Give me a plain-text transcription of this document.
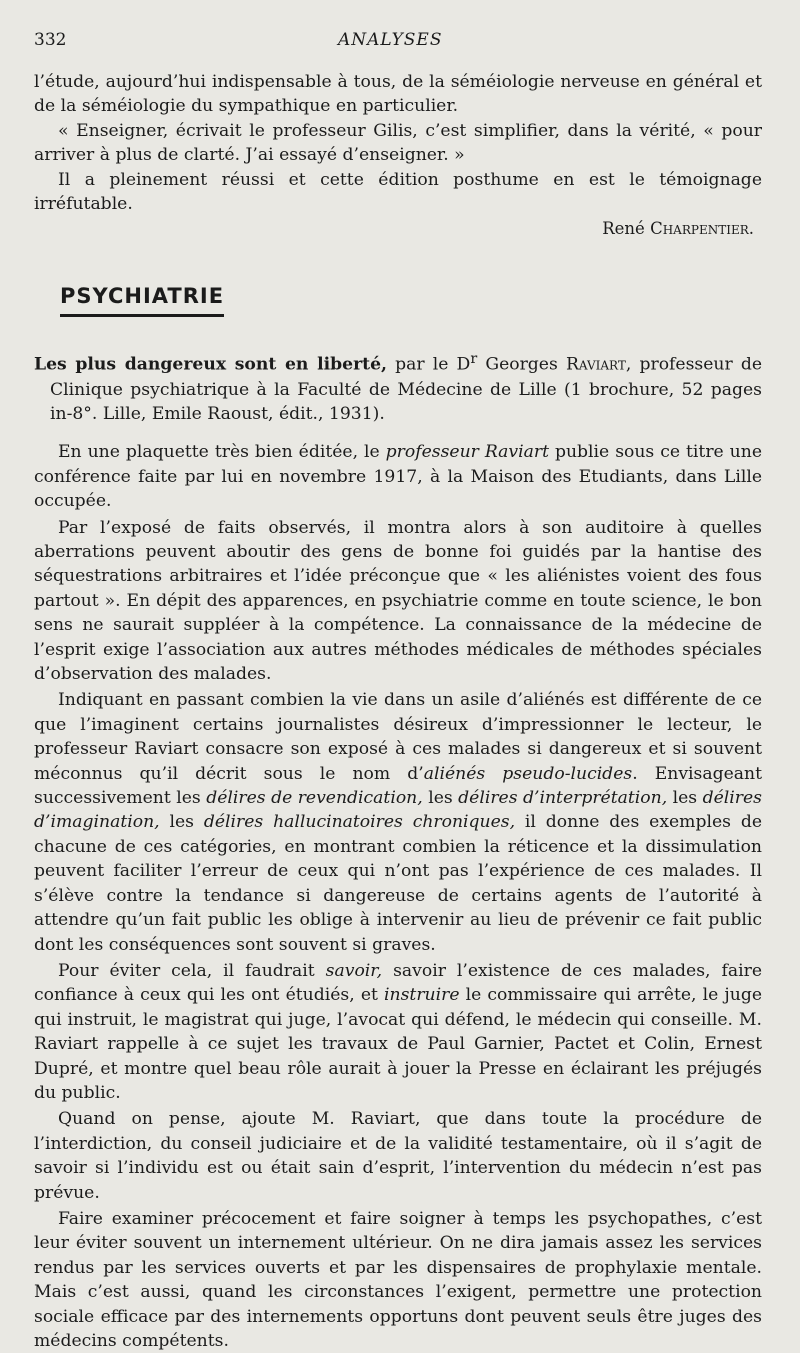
332	ANALYSES

l’étude, aujourd’hui indispensable à tous, de la séméiologie nerveuse en général et de la séméiologie du sympathique en particulier.

« Enseigner, écrivait le professeur Gilis, c’est simplifier, dans la vérité, « pour arriver à plus de clarté. J’ai essayé d’enseigner. »

Il a pleinement réussi et cette édition posthume en est le témoignage irréfutable.

René Charpentier.
PSYCHIATRIE
Les plus dangereux sont en liberté, par le $D^r$ Georges Raviart, professeur de Clinique psychiatrique à la Faculté de Médecine de Lille (1 brochure, 52 pages in-8°. Lille, Emile Raoust, édit., 1931).

En une plaquette très bien éditée, le professeur Raviart publie sous ce titre une conférence faite par lui en novembre 1917, à la Maison des Etudiants, dans Lille occupée.

Par l’exposé de faits observés, il montra alors à son auditoire à quelles aberrations peuvent aboutir des gens de bonne foi guidés par la hantise des séquestrations arbitraires et l’idée préconçue que « les aliénistes voient des fous partout ». En dépit des apparences, en psychiatrie comme en toute science, le bon sens ne saurait suppléer à la compétence. La connaissance de la médecine de l’esprit exige l’association aux autres méthodes médicales de méthodes spéciales d’observation des malades.

Indiquant en passant combien la vie dans un asile d’aliénés est différente de ce que l’imaginent certains journalistes désireux d’impressionner le lecteur, le professeur Raviart consacre son exposé à ces malades si dangereux et si souvent méconnus qu’il décrit sous le nom d’aliénés pseudo-lucides. Envisageant successivement les délires de revendication, les délires d’interprétation, les délires d’imagination, les délires hallucinatoires chroniques, il donne des exemples de chacune de ces catégories, en montrant combien la réticence et la dissimulation peuvent faciliter l’erreur de ceux qui n’ont pas l’expérience de ces malades. Il s’élève contre la tendance si dangereuse de certains agents de l’autorité à attendre qu’un fait public les oblige à intervenir au lieu de prévenir ce fait public dont les conséquences sont souvent si graves.

Pour éviter cela, il faudrait savoir, savoir l’existence de ces malades, faire confiance à ceux qui les ont étudiés, et instruire le commissaire qui arrête, le juge qui instruit, le magistrat qui juge, l’avocat qui défend, le médecin qui conseille. M. Raviart rappelle à ce sujet les travaux de Paul Garnier, Pactet et Colin, Ernest Dupré, et montre quel beau rôle aurait à jouer la Presse en éclairant les préjugés du public.

Quand on pense, ajoute M. Raviart, que dans toute la procédure de l’interdiction, du conseil judiciaire et de la validité testamentaire, où il s’agit de savoir si l’individu est ou était sain d’esprit, l’intervention du médecin n’est pas prévue.

Faire examiner précocement et faire soigner à temps les psychopathes, c’est leur éviter souvent un internement ultérieur. On ne dira jamais assez les services rendus par les services ouverts et par les dispensaires de prophylaxie mentale. Mais c’est aussi, quand les circonstances l’exigent, permettre une protection sociale efficace par des internements opportuns dont peuvent seuls être juges des médecins compétents.
